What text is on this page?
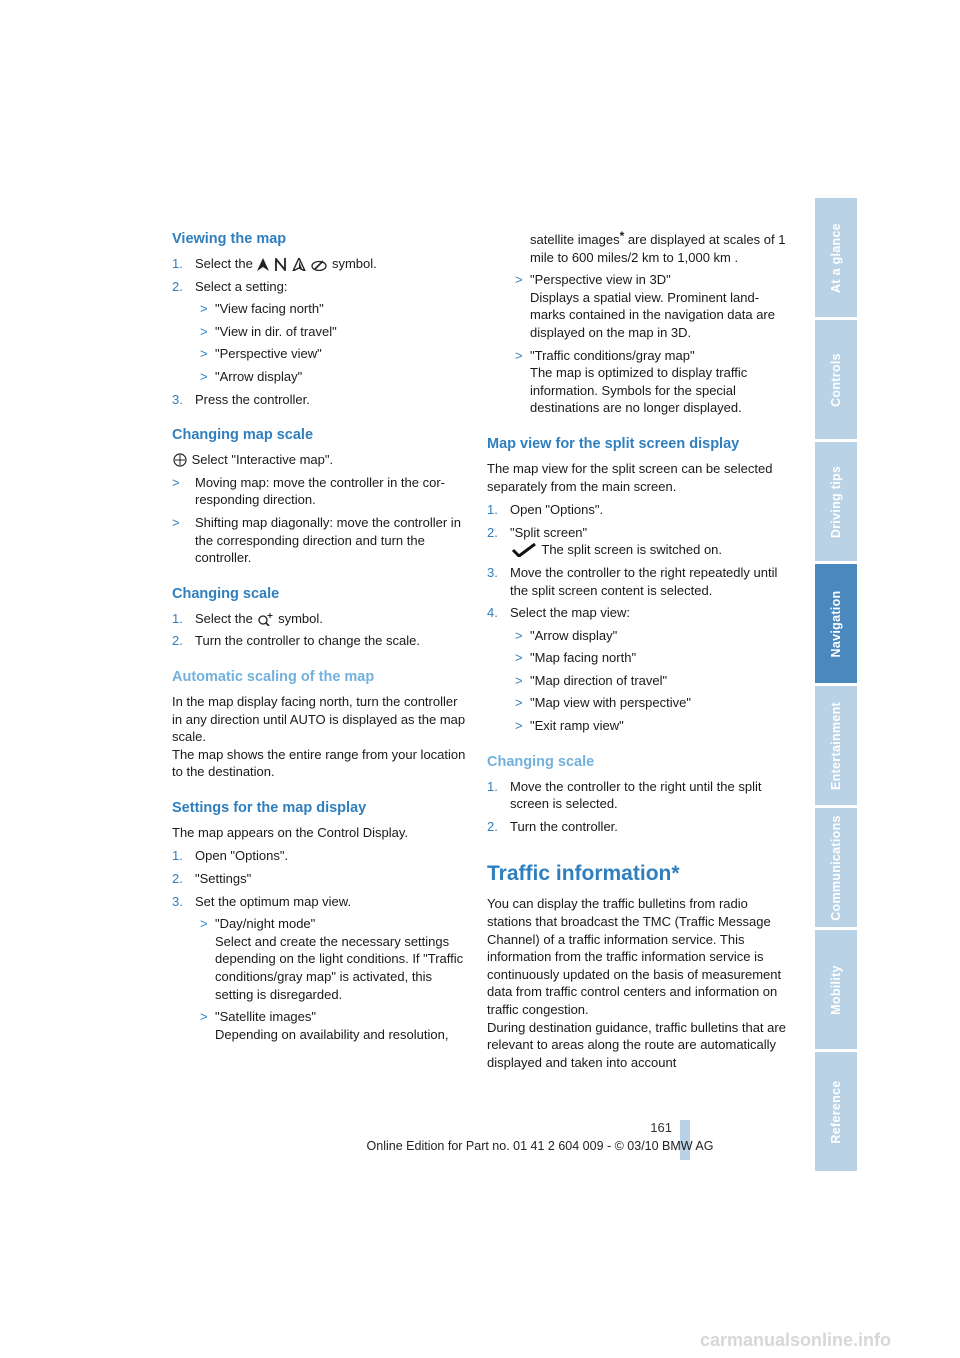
Viewing the map
1. Select the	symbol.
2. Select a setting:
> "View facing north"
> "View in dir. of travel"
> "Perspective view"
> "Arrow display"
3. Press the controller.
Changing map scale
Select "Interactive map".
> Moving map: move the controller in the corresponding direction.
> Shifting map diagonally: move the controller in the corresponding direction and turn the controller.
Changing scale
1. Select the symbol.
2. Turn the controller to change the scale.
Automatic scaling of the map

In the map display facing north, turn the controller in any direction until AUTO is displayed as the map scale.

The map shows the entire range from your location to the destination.

Settings for the map display

The map appears on the Control Display.

1. Open "Options".
2. "Settings"
3. Set the optimum map view.
> "Day/night mode"
Select and create the necessary settings depending on the light conditions. If "Traffic conditions/gray map" is activated, this setting is disregarded.
> "Satellite images"
Depending on availability and resolution,
satellite images* are displayed at scales of 1 mile to 600 miles/2 km to 1,000 km .
> "Perspective view in 3D"
Displays a spatial view. Prominent landmarks contained in the navigation data are displayed on the map in 3D.
> "Traffic conditions/gray map"
The map is optimized to display traffic information. Symbols for the special destinations are no longer displayed.
Map view for the split screen display

The map view for the split screen can be selected separately from the main screen.

1. Open "Options".
2. "Split screen"
The split screen is switched on.
3. Move the controller to the right repeatedly until the split screen content is selected.
4. Select the map view:
> "Arrow display"
> "Map facing north"
> "Map direction of travel"
> "Map view with perspective"
> "Exit ramp view"
Changing scale
1. Move the controller to the right until the split screen is selected.
2. Turn the controller.
Traffic information*

You can display the traffic bulletins from radio stations that broadcast the TMC (Traffic Message Channel) of a traffic information service. This information from the traffic information service is continuously updated on the basis of measurement data from traffic control centers and information on traffic congestion.

During destination guidance, traffic bulletins that are relevant to areas along the route are automatically displayed and taken into account

At a glance
Controls
Driving tips
Navigation
Entertainment
Communications
Mobility
Reference
161
Online Edition for Part no. 01 41 2 604 009 - © 03/10 BMW AG
carmanualsonline.info
